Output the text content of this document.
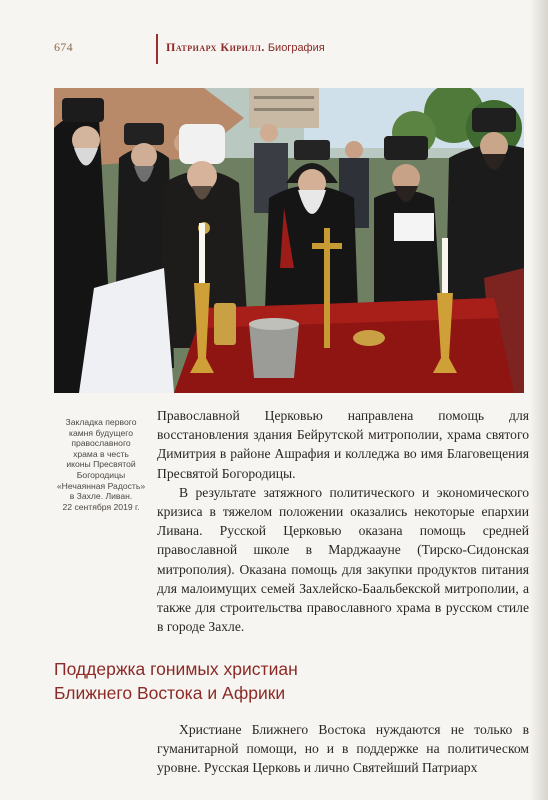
674	Патриарх Кирилл. Биография
Закладка первого
камня будущего
православного
храма в честь
иконы Пресвятой
Богородицы
«Нечаянная Радость»
в Захле. Ливан.
22 сентября 2019 г.

Православной Церковью направлена помощь для восстановления здания Бейрутской митрополии, храма святого Димитрия в районе Ашрафия и колледжа во имя Благовещения Пресвятой Богородицы.

В результате затяжного политического и экономического кризиса в тяжелом положении оказались некоторые епархии Ливана. Русской Церковью оказана помощь средней православной школе в Марджаауне (Тирско-Сидонская митрополия). Оказана помощь для закупки продуктов питания для малоимущих семей Захлейско-Баальбекской митрополии, а также для строительства православного храма в русском стиле в городе Захле.

Поддержка гонимых христиан
Ближнего Востока и Африки

Христиане Ближнего Востока нуждаются не только в гуманитарной помощи, но и в поддержке на политическом уровне. Русская Церковь и лично Святейший Патриарх
